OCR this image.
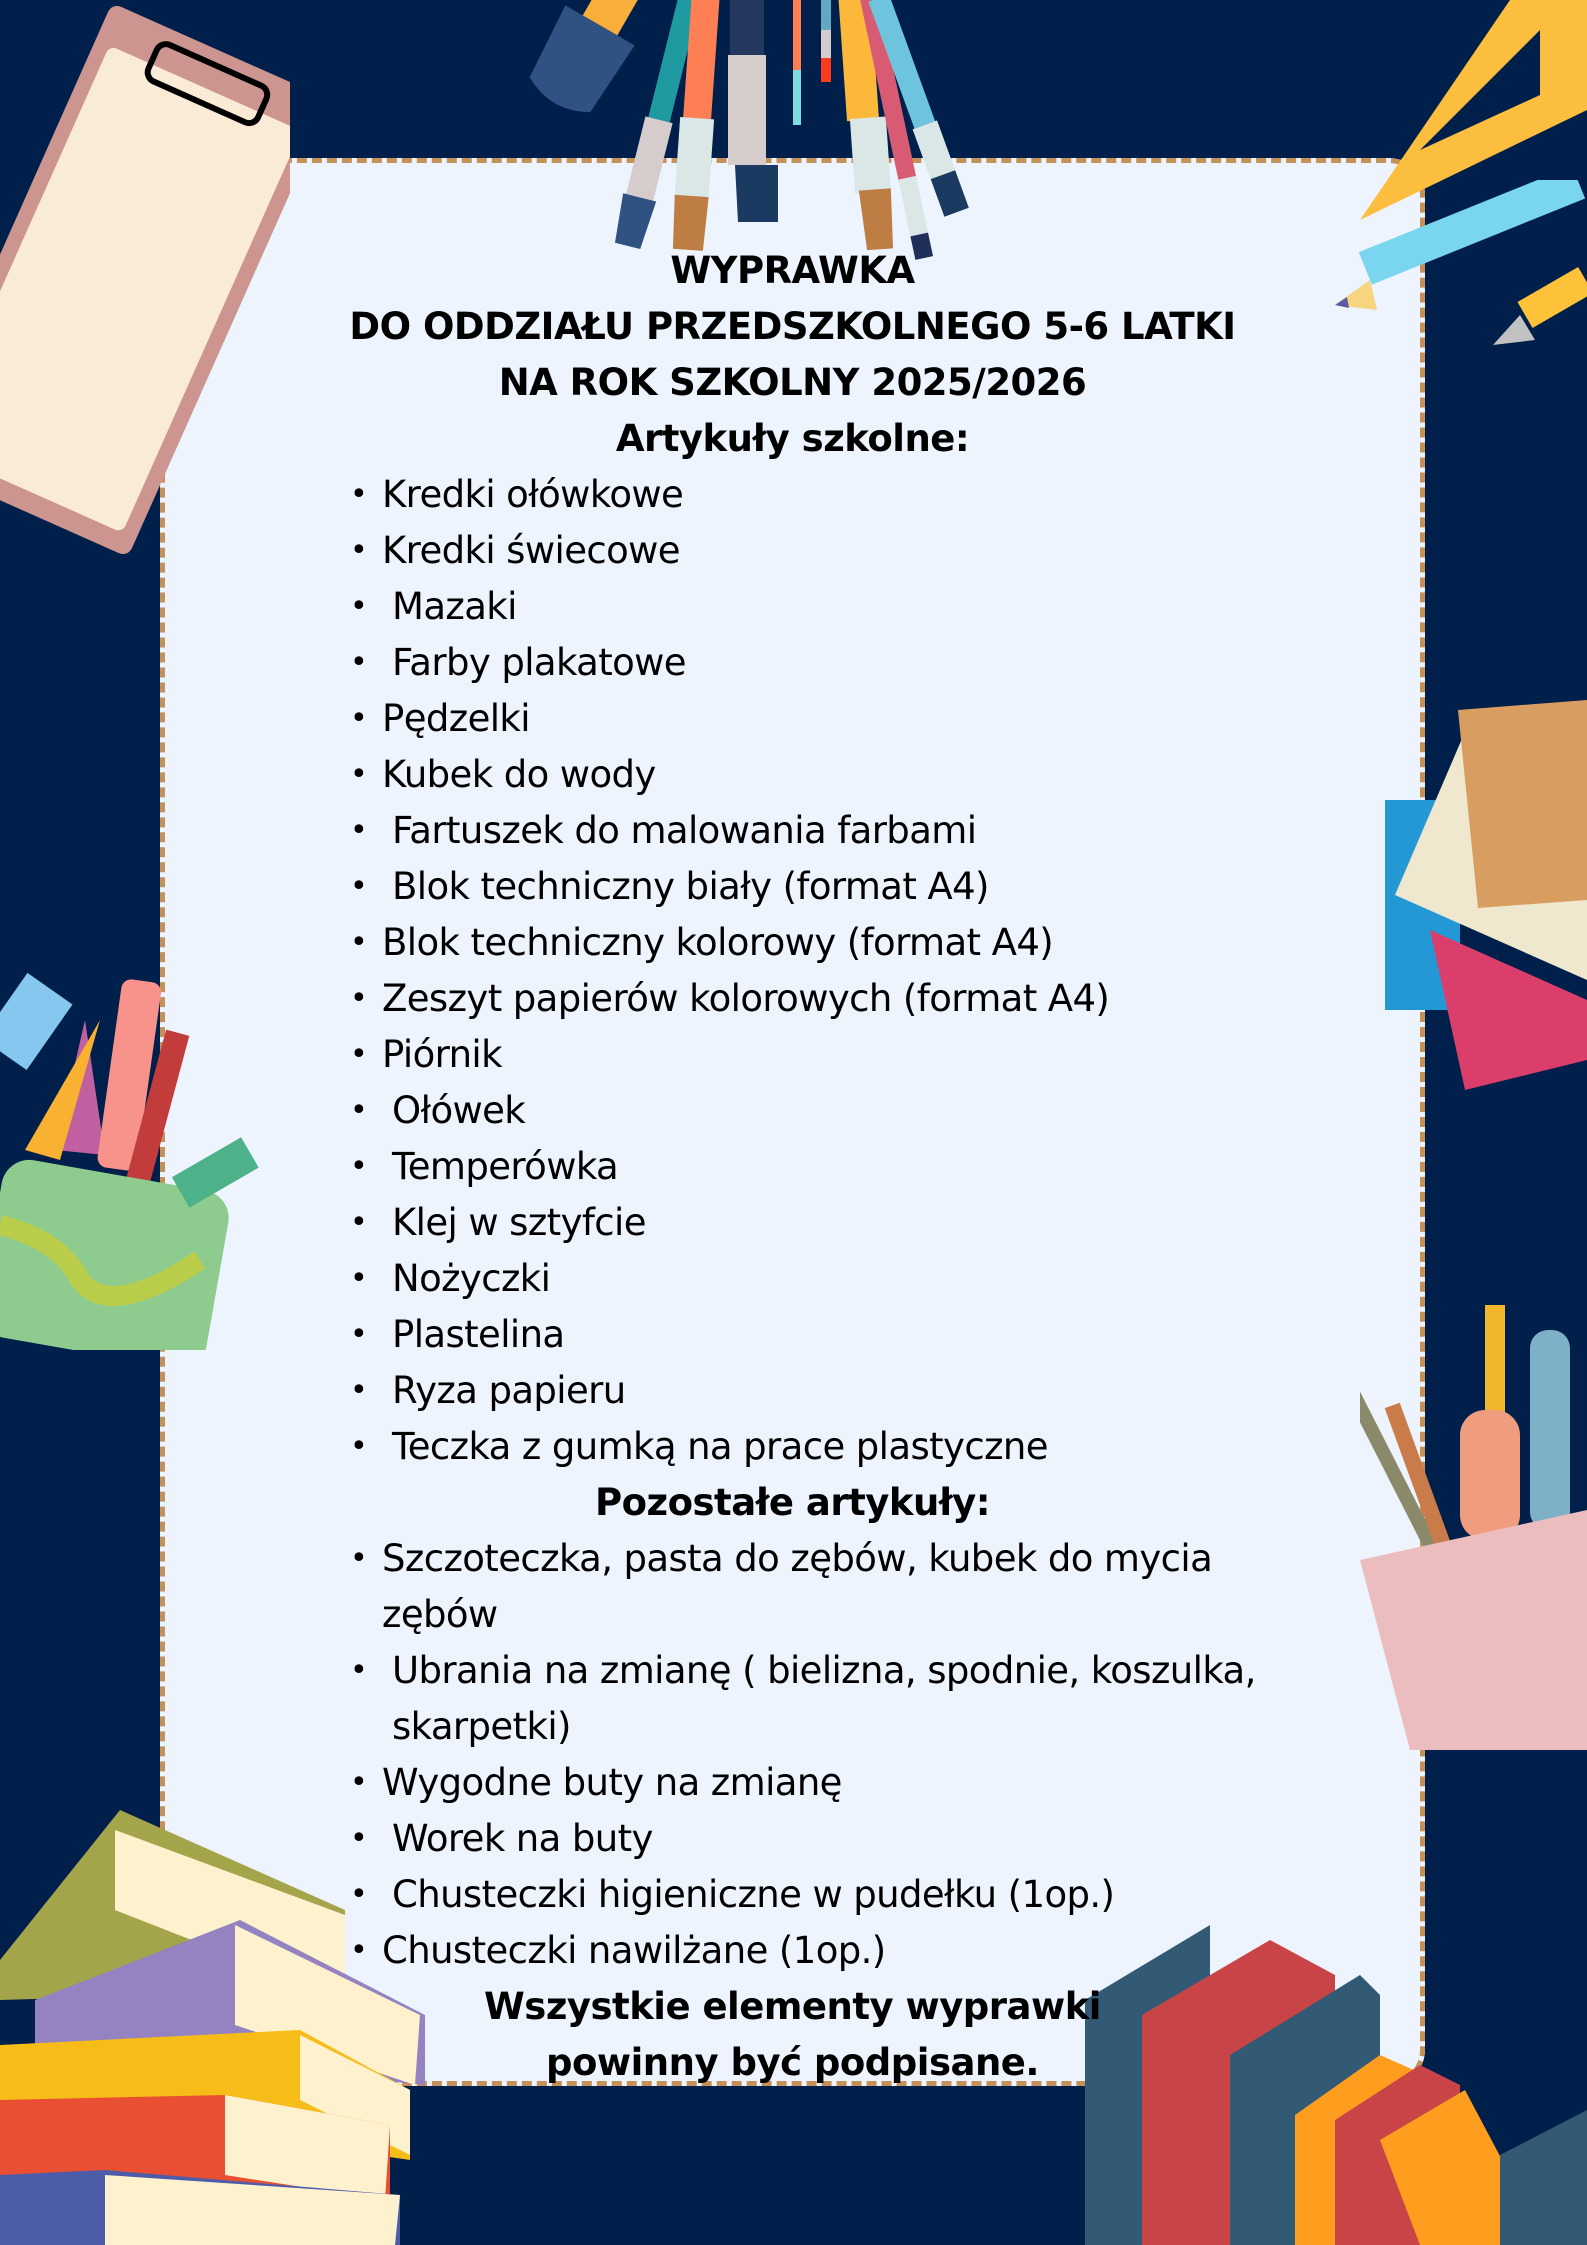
WYPRAWKA

DO ODDZIAŁU PRZEDSZKOLNEGO 5-6 LATKI

NA ROK SZKOLNY 2025/2026

Artykuły szkolne:

• Kredki ołówkowe
• Kredki świecowe
• Mazaki
• Farby plakatowe
• Pędzelki
• Kubek do wody
• Fartuszek do malowania farbami
• Blok techniczny biały (format A4)
• Blok techniczny kolorowy (format A4)
• Zeszyt papierów kolorowych (format A4)
• Piórnik
• Ołówek
• Temperówka
• Klej w sztyfcie
• Nożyczki
• Plastelina
• Ryza papieru
• Teczka z gumką na prace plastyczne

Pozostałe artykuły:

• Szczoteczka, pasta do zębów, kubek do mycia zębów
• Ubrania na zmianę ( bielizna, spodnie, koszulka, skarpetki)
• Wygodne buty na zmianę
• Worek na buty
• Chusteczki higieniczne w pudełku (1op.)
• Chusteczki nawilżane (1op.)
Wszystkie elementy wyprawki
powinny być podpisane.
